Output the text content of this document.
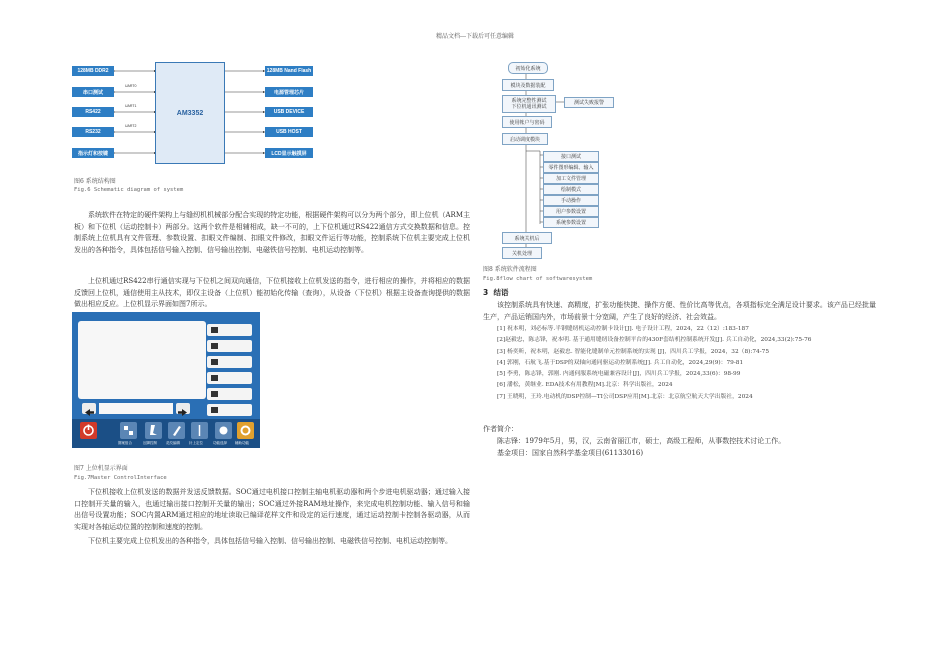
精品文档---下载后可任意编辑
128MB DDR2
串口测试
RS422
RS232
指示灯和按键
UART0
UART1
UART2
AM3352
128MB Nand Flash
电源管理芯片
USB DEVICE
USB HOST
LCD显示触摸屏
图6 系统结构图
Fig.6 Schematic diagram of system
系统软件在特定的硬件架构上与缝纫机机械部分配合实现的特定功能，根据硬件架构可以分为两个部分，即上位机（ARM主板）和下位机（运动控制卡）两部分。这两个软件是相辅相成，缺一不可的，上下位机通过RS422通信方式交换数据和信息。控制系统上位机具有文件管理、参数设置、扣眼文件编制、扣眼文件修改，扣眼文件运行等功能，控制系统下位机主要完成上位机发出的各种指令，具体包括信号输入控制、信号输出控制、电磁铁信号控制、电机运动控制等。
上位机通过RS422串行通信实现与下位机之间双向通信，下位机接收上位机发送的指令，进行相应的操作，并将相应的数据反馈回上位机，通信使用主从技术，即仅主设备（上位机）能初始化传输（查询），从设备（下位机）根据主设备查询提供的数据做出相应反应。上位机显示界面如图7所示。
图案组合	压脚控制	花纹编辑	针上定位	功能选择 辅助功能
图7 上位机显示界面
Fig.7Master ControlInterface
下位机接收上位机发送的数据并发送反馈数据。SOC通过电机接口控制主轴电机驱动器和两个步进电机驱动器；通过输入接口控制开关量的输入，也通过输出接口控制开关量的输出；SOC通过外接RAM地址操作，来完成电机控制功能、输入信号和输出信号设置功能；SOC内置ARM通过相应的地址读取已编译花样文件和设定的运行速度，通过运动控制卡控制各驱动器，从而实现对各轴运动位置的控制和速度的控制。
下位机主要完成上位机发出的各种指令，具体包括信号输入控制、信号输出控制、电磁铁信号控制、电机运动控制等。
初始化系统
模块及数据装配
系统完整性测试
下位机通讯测试
测试失败报警
使用帐户与密码
启动调度模块
接口测试
零件图形编辑、输入
加工文件管理
绘制模式
手动操作
用户参数设置
系统参数设置
系统关机后
关机处理
图8 系统软件流程图
Fig.8flow chart of softwaresystem
3  结语
该控制系统具有快速、高精度，扩张功能快捷、操作方便、性价比高等优点，各项指标完全满足设计要求。该产品已经批量生产，产品运销国内外，市场前景十分宽阔，产生了良好的经济、社会效益。
[1] 祝本明，刘必标等.半钢缝纫机运动控制卡设计[J]. 电子设计工程，2024，22（12）:183-187
[2]赵毅忠，陈志锋，祝本明. 基于通用缝纫设备控制平台的430F套结机控制系统开发[J]. 兵工自动化，2024,33(2):75-76
[3] 杨奕昕，祝本明，赵毅忠. 智能化缝制单元控制系统的实现 [J]，四川兵工学报，2024，32（8):74-75
[4] 郭刚，石航飞.基于DSP的双轴向通同驱运动控制系统[J]. 兵工自动化，2024,29(9)：79-81
[5] 李勇，陈志锋，郭刚. 内通伺服系统电磁兼容设计[J]，四川兵工学报，2024,33(6)：98-99
[6] 潘松，黄继业. EDA技术有用教程[M].北京：科学出版社，2024
[7] 王晓明，王玲.电动机的DSP控制—TI公司DSP应用[M].北京：北京航空航天大学出版社，2024
作者简介：
陈志锋：1979年5月，男，汉，云南省丽江市，硕士，高级工程师，从事数控技术讨论工作。
基金项目：国家自然科学基金项目(61133016)
